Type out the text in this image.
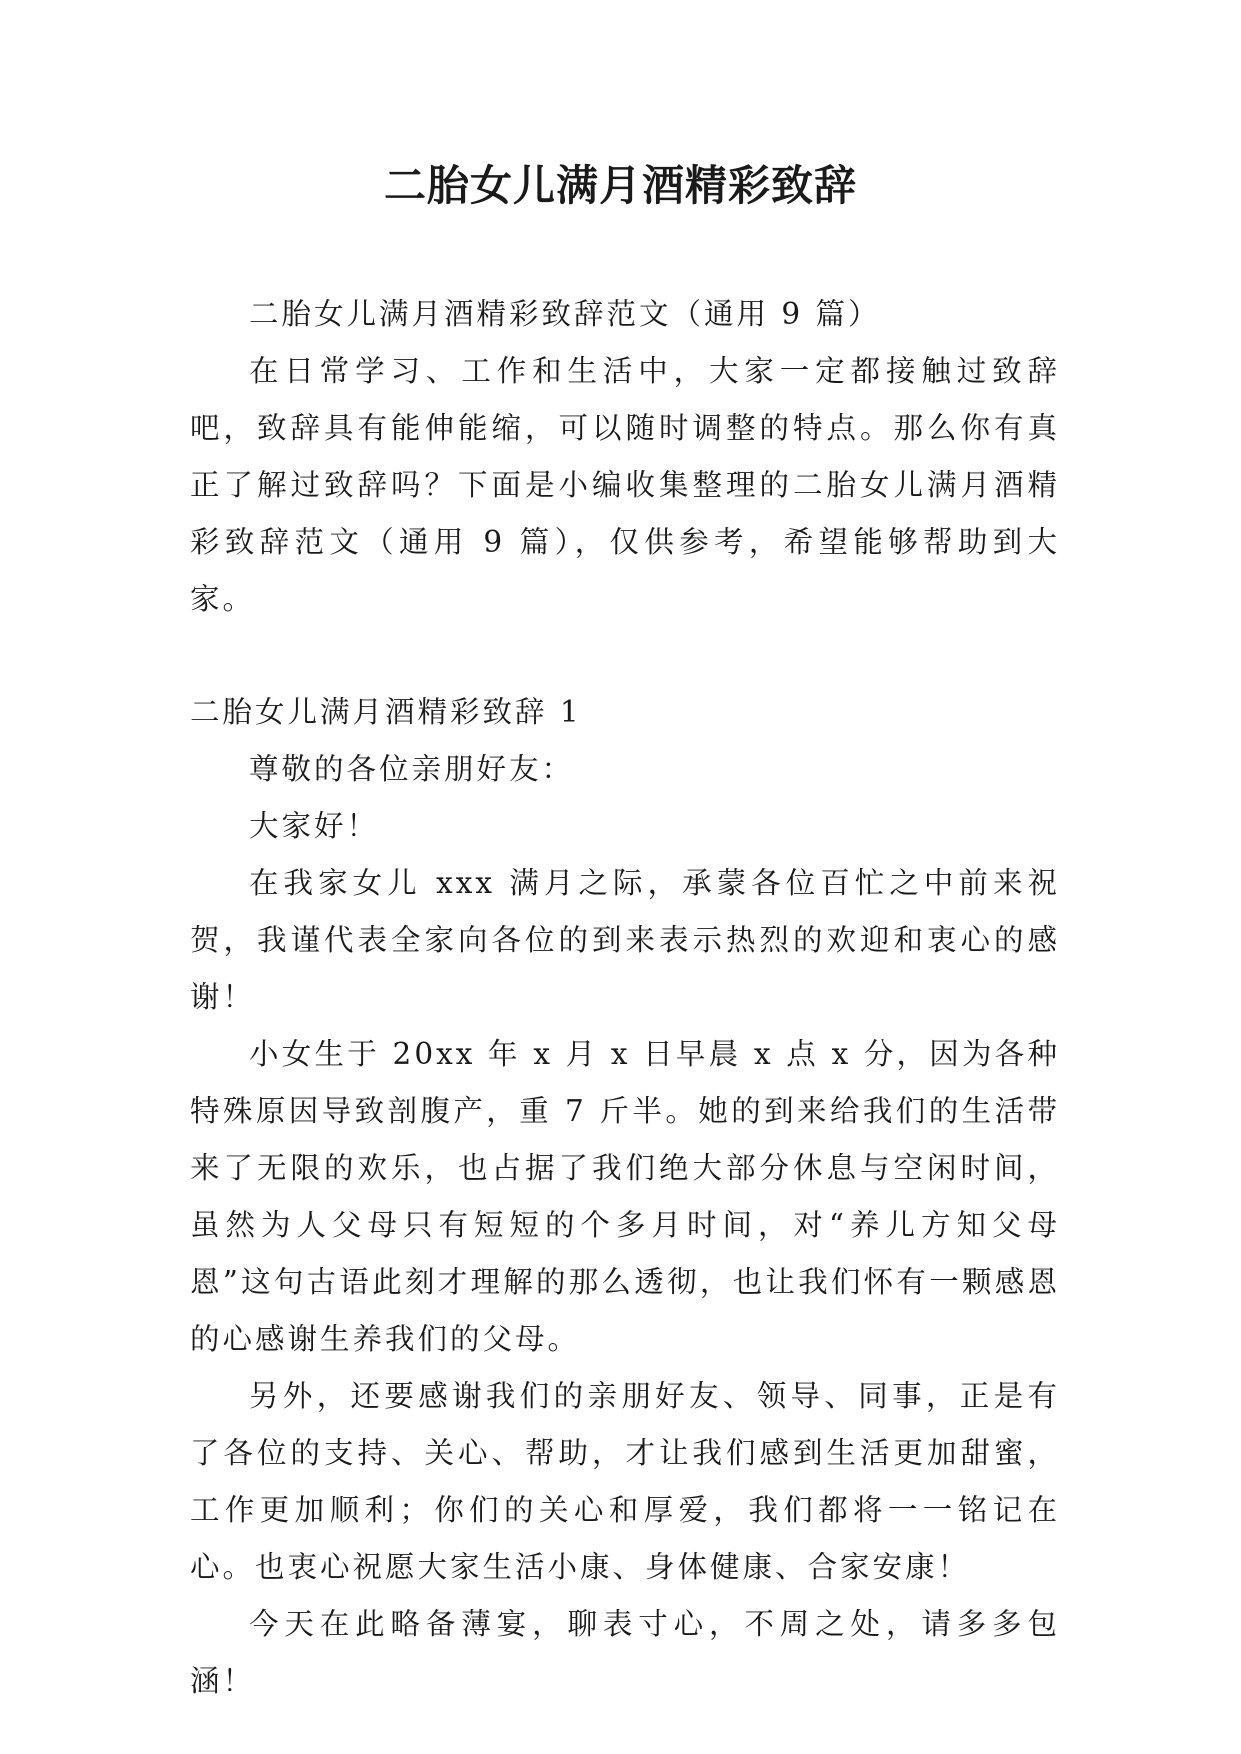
二胎女儿满月酒精彩致辞

二胎女儿满月酒精彩致辞范文（通用 9 篇）

在日常学习、工作和生活中，大家一定都接触过致辞吧，致辞具有能伸能缩，可以随时调整的特点。那么你有真正了解过致辞吗？下面是小编收集整理的二胎女儿满月酒精彩致辞范文（通用 9 篇），仅供参考，希望能够帮助到大家。

二胎女儿满月酒精彩致辞 1

尊敬的各位亲朋好友：

大家好！

在我家女儿 xxx 满月之际，承蒙各位百忙之中前来祝贺，我谨代表全家向各位的到来表示热烈的欢迎和衷心的感谢！

小女生于 20xx 年 x 月 x 日早晨 x 点 x 分，因为各种特殊原因导致剖腹产，重 7 斤半。她的到来给我们的生活带来了无限的欢乐，也占据了我们绝大部分休息与空闲时间，虽然为人父母只有短短的个多月时间，对“养儿方知父母恩”这句古语此刻才理解的那么透彻，也让我们怀有一颗感恩的心感谢生养我们的父母。

另外，还要感谢我们的亲朋好友、领导、同事，正是有了各位的支持、关心、帮助，才让我们感到生活更加甜蜜，工作更加顺利；你们的关心和厚爱，我们都将一一铭记在心。也衷心祝愿大家生活小康、身体健康、合家安康！

今天在此略备薄宴，聊表寸心，不周之处，请多多包涵！
